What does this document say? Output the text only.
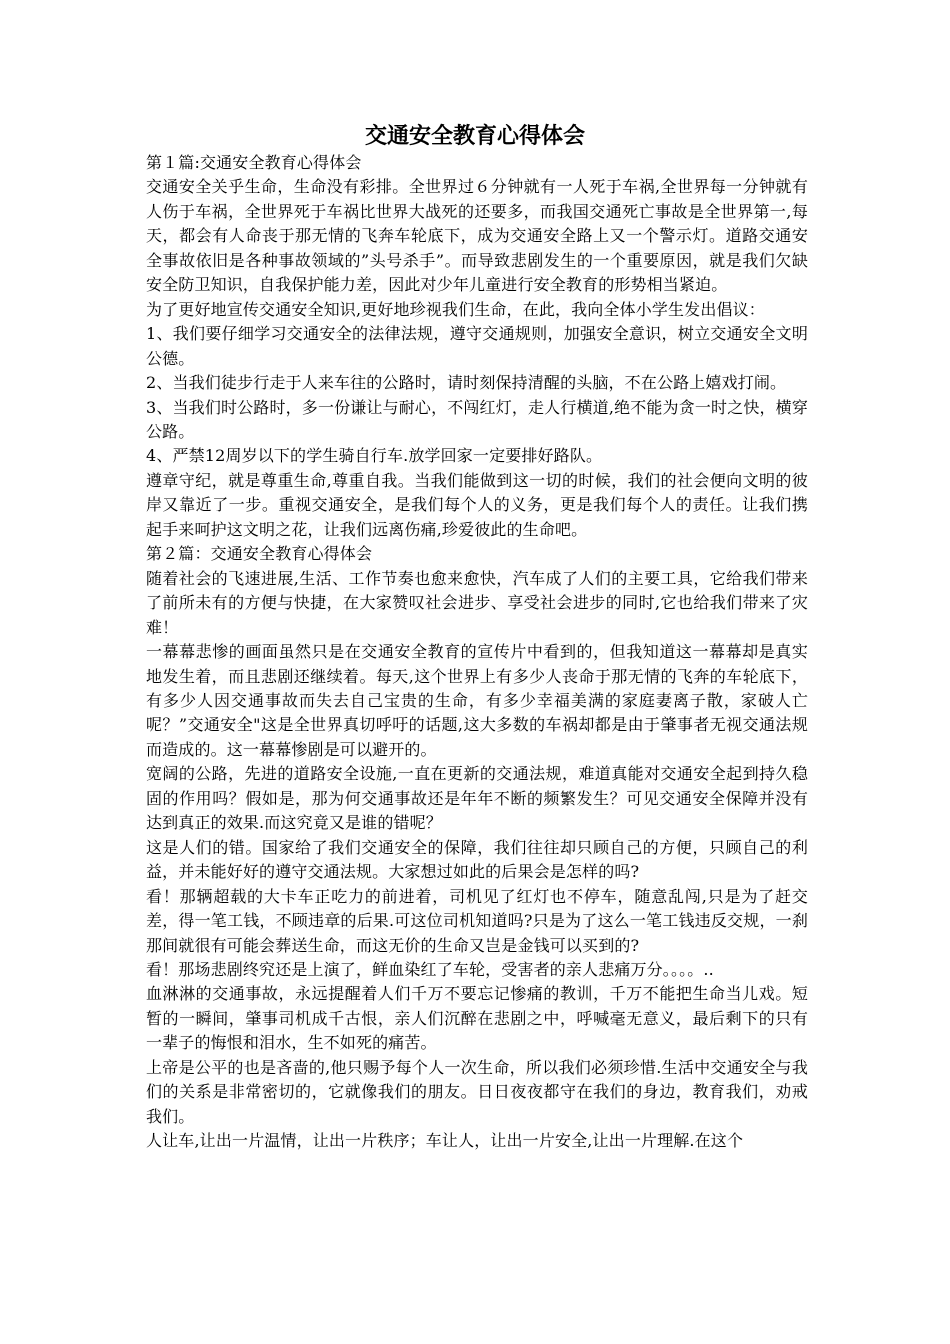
交通安全教育心得体会

第１篇:交通安全教育心得体会

交通安全关乎生命，生命没有彩排。全世界过６分钟就有一人死于车祸,全世界每一分钟就有人伤于车祸，全世界死于车祸比世界大战死的还要多，而我国交通死亡事故是全世界第一,每天，都会有人命丧于那无情的飞奔车轮底下，成为交通安全路上又一个警示灯。道路交通安全事故依旧是各种事故领域的”头号杀手”。而导致悲剧发生的一个重要原因，就是我们欠缺安全防卫知识，自我保护能力差，因此对少年儿童进行安全教育的形势相当紧迫。

为了更好地宣传交通安全知识,更好地珍视我们生命，在此，我向全体小学生发出倡议：

1、我们要仔细学习交通安全的法律法规，遵守交通规则，加强安全意识，树立交通安全文明公德。

2、当我们徒步行走于人来车往的公路时，请时刻保持清醒的头脑，不在公路上嬉戏打闹。

3、当我们时公路时，多一份谦让与耐心，不闯红灯，走人行横道,绝不能为贪一时之快，横穿公路。

4、严禁12周岁以下的学生骑自行车.放学回家一定要排好路队。

遵章守纪，就是尊重生命,尊重自我。当我们能做到这一切的时候，我们的社会便向文明的彼岸又靠近了一步。重视交通安全，是我们每个人的义务，更是我们每个人的责任。让我们携起手来呵护这文明之花，让我们远离伤痛,珍爱彼此的生命吧。

第２篇：交通安全教育心得体会

随着社会的飞速进展,生活、工作节奏也愈来愈快，汽车成了人们的主要工具，它给我们带来了前所未有的方便与快捷，在大家赞叹社会进步、享受社会进步的同时,它也给我们带来了灾难！

一幕幕悲惨的画面虽然只是在交通安全教育的宣传片中看到的，但我知道这一幕幕却是真实地发生着，而且悲剧还继续着。每天,这个世界上有多少人丧命于那无情的飞奔的车轮底下，有多少人因交通事故而失去自己宝贵的生命，有多少幸福美满的家庭妻离子散，家破人亡呢？”交通安全"这是全世界真切呼吁的话题,这大多数的车祸却都是由于肇事者无视交通法规而造成的。这一幕幕惨剧是可以避开的。

宽阔的公路，先进的道路安全设施,一直在更新的交通法规，难道真能对交通安全起到持久稳固的作用吗？假如是，那为何交通事故还是年年不断的频繁发生？可见交通安全保障并没有达到真正的效果.而这究竟又是谁的错呢？

这是人们的错。国家给了我们交通安全的保障，我们往往却只顾自己的方便，只顾自己的利益，并未能好好的遵守交通法规。大家想过如此的后果会是怎样的吗?

看！那辆超载的大卡车正吃力的前进着，司机见了红灯也不停车，随意乱闯,只是为了赶交差，得一笔工钱，不顾违章的后果.可这位司机知道吗?只是为了这么一笔工钱违反交规，一刹那间就很有可能会葬送生命，而这无价的生命又岂是金钱可以买到的?

看！那场悲剧终究还是上演了，鲜血染红了车轮，受害者的亲人悲痛万分。。。。..

血淋淋的交通事故，永远提醒着人们千万不要忘记惨痛的教训，千万不能把生命当儿戏。短暂的一瞬间，肇事司机成千古恨，亲人们沉醉在悲剧之中，呼喊毫无意义，最后剩下的只有一辈子的悔恨和泪水，生不如死的痛苦。

上帝是公平的也是吝啬的,他只赐予每个人一次生命，所以我们必须珍惜.生活中交通安全与我们的关系是非常密切的，它就像我们的朋友。日日夜夜都守在我们的身边，教育我们，劝戒我们。

人让车,让出一片温情，让出一片秩序；车让人，让出一片安全,让出一片理解.在这个
